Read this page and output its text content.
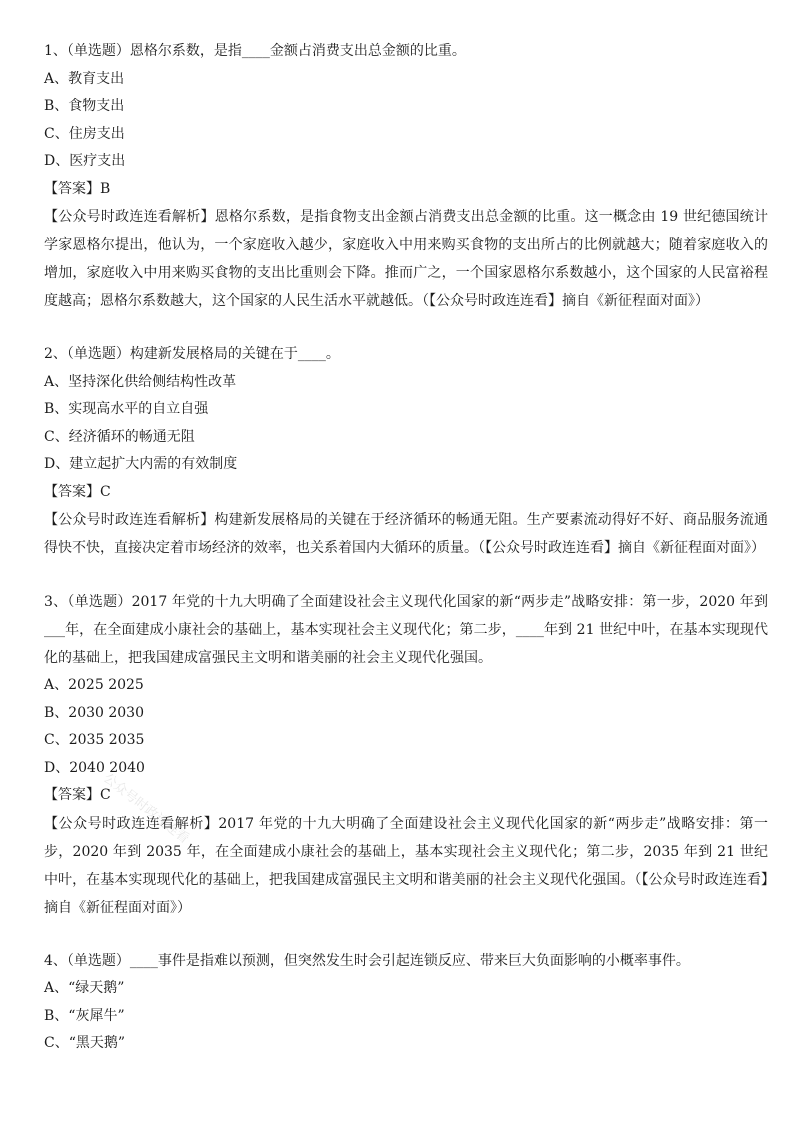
1、（单选题）恩格尔系数，是指____金额占消费支出总金额的比重。
A、教育支出
B、食物支出
C、住房支出
D、医疗支出
【答案】B
【公众号时政连连看解析】恩格尔系数，是指食物支出金额占消费支出总金额的比重。这一概念由 19 世纪德国统计学家恩格尔提出，他认为，一个家庭收入越少，家庭收入中用来购买食物的支出所占的比例就越大；随着家庭收入的增加，家庭收入中用来购买食物的支出比重则会下降。推而广之，一个国家恩格尔系数越小，这个国家的人民富裕程度越高；恩格尔系数越大，这个国家的人民生活水平就越低。（【公众号时政连连看】摘自《新征程面对面》）
2、（单选题）构建新发展格局的关键在于____。
A、坚持深化供给侧结构性改革
B、实现高水平的自立自强
C、经济循环的畅通无阻
D、建立起扩大内需的有效制度
【答案】C
【公众号时政连连看解析】构建新发展格局的关键在于经济循环的畅通无阻。生产要素流动得好不好、商品服务流通得快不快，直接决定着市场经济的效率，也关系着国内大循环的质量。（【公众号时政连连看】摘自《新征程面对面》）
3、（单选题）2017 年党的十九大明确了全面建设社会主义现代化国家的新“两步走”战略安排：第一步，2020 年到___年，在全面建成小康社会的基础上，基本实现社会主义现代化；第二步，____年到 21 世纪中叶，在基本实现现代化的基础上，把我国建成富强民主文明和谐美丽的社会主义现代化强国。
A、2025 2025
B、2030 2030
C、2035 2035
D、2040 2040
【答案】C
【公众号时政连连看解析】2017 年党的十九大明确了全面建设社会主义现代化国家的新“两步走”战略安排：第一步，2020 年到 2035 年，在全面建成小康社会的基础上，基本实现社会主义现代化；第二步，2035 年到 21 世纪中叶，在基本实现现代化的基础上，把我国建成富强民主文明和谐美丽的社会主义现代化强国。（【公众号时政连连看】摘自《新征程面对面》）
4、（单选题）____事件是指难以预测，但突然发生时会引起连锁反应、带来巨大负面影响的小概率事件。
A、“绿天鹅”
B、“灰犀牛”
C、“黑天鹅”
公众号时政连连看
